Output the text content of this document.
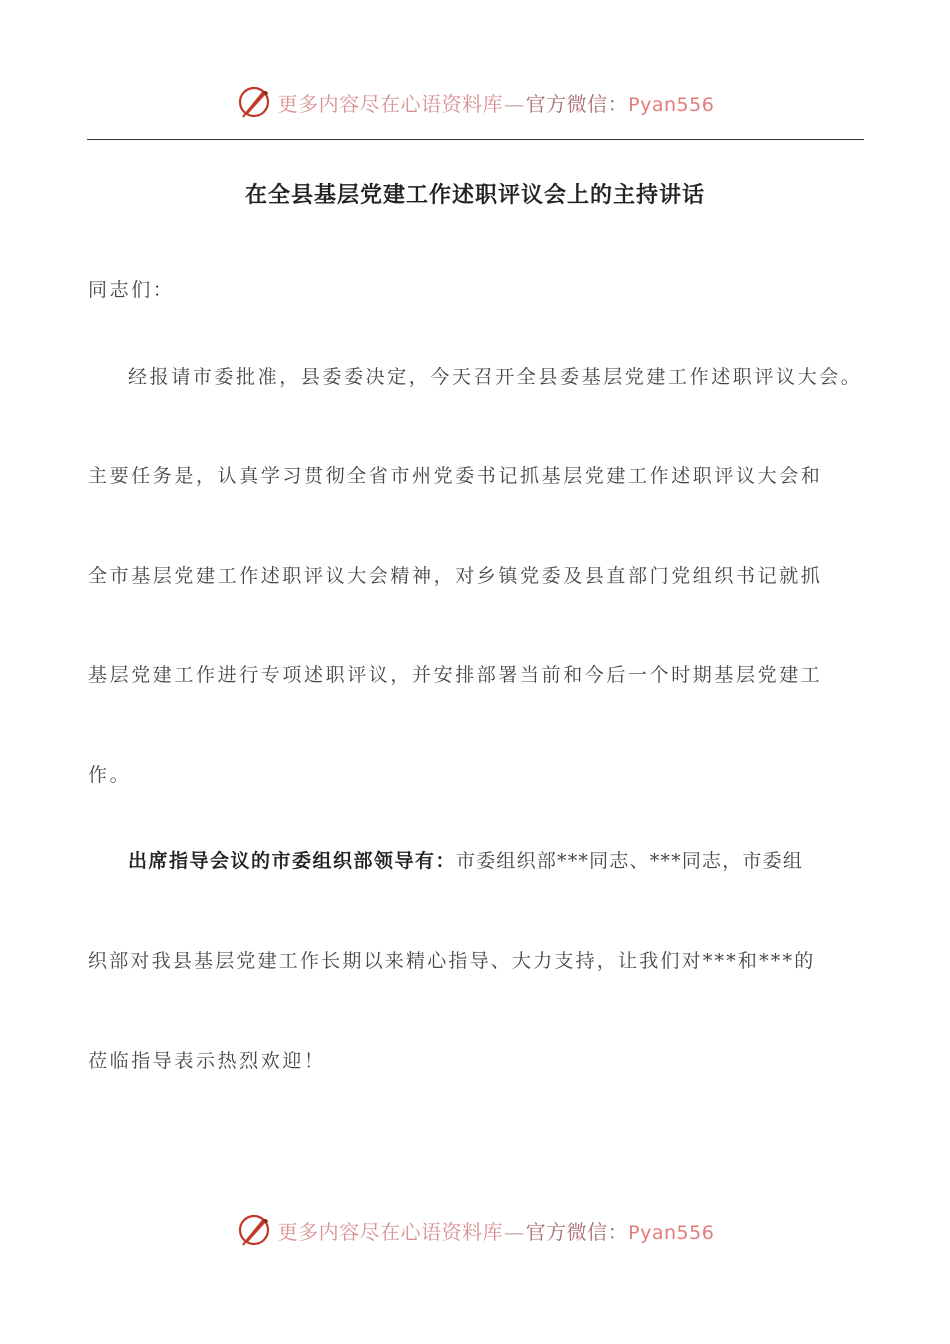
更多内容尽在心语资料库—官方微信：Pyan556
在全县基层党建工作述职评议会上的主持讲话
同志们：
经报请市委批准，县委委决定，今天召开全县委基层党建工作述职评议大会。
主要任务是，认真学习贯彻全省市州党委书记抓基层党建工作述职评议大会和
全市基层党建工作述职评议大会精神，对乡镇党委及县直部门党组织书记就抓
基层党建工作进行专项述职评议，并安排部署当前和今后一个时期基层党建工
作。
出席指导会议的市委组织部领导有：市委组织部***同志、***同志，市委组
织部对我县基层党建工作长期以来精心指导、大力支持，让我们对***和***的
莅临指导表示热烈欢迎！
更多内容尽在心语资料库—官方微信：Pyan556
